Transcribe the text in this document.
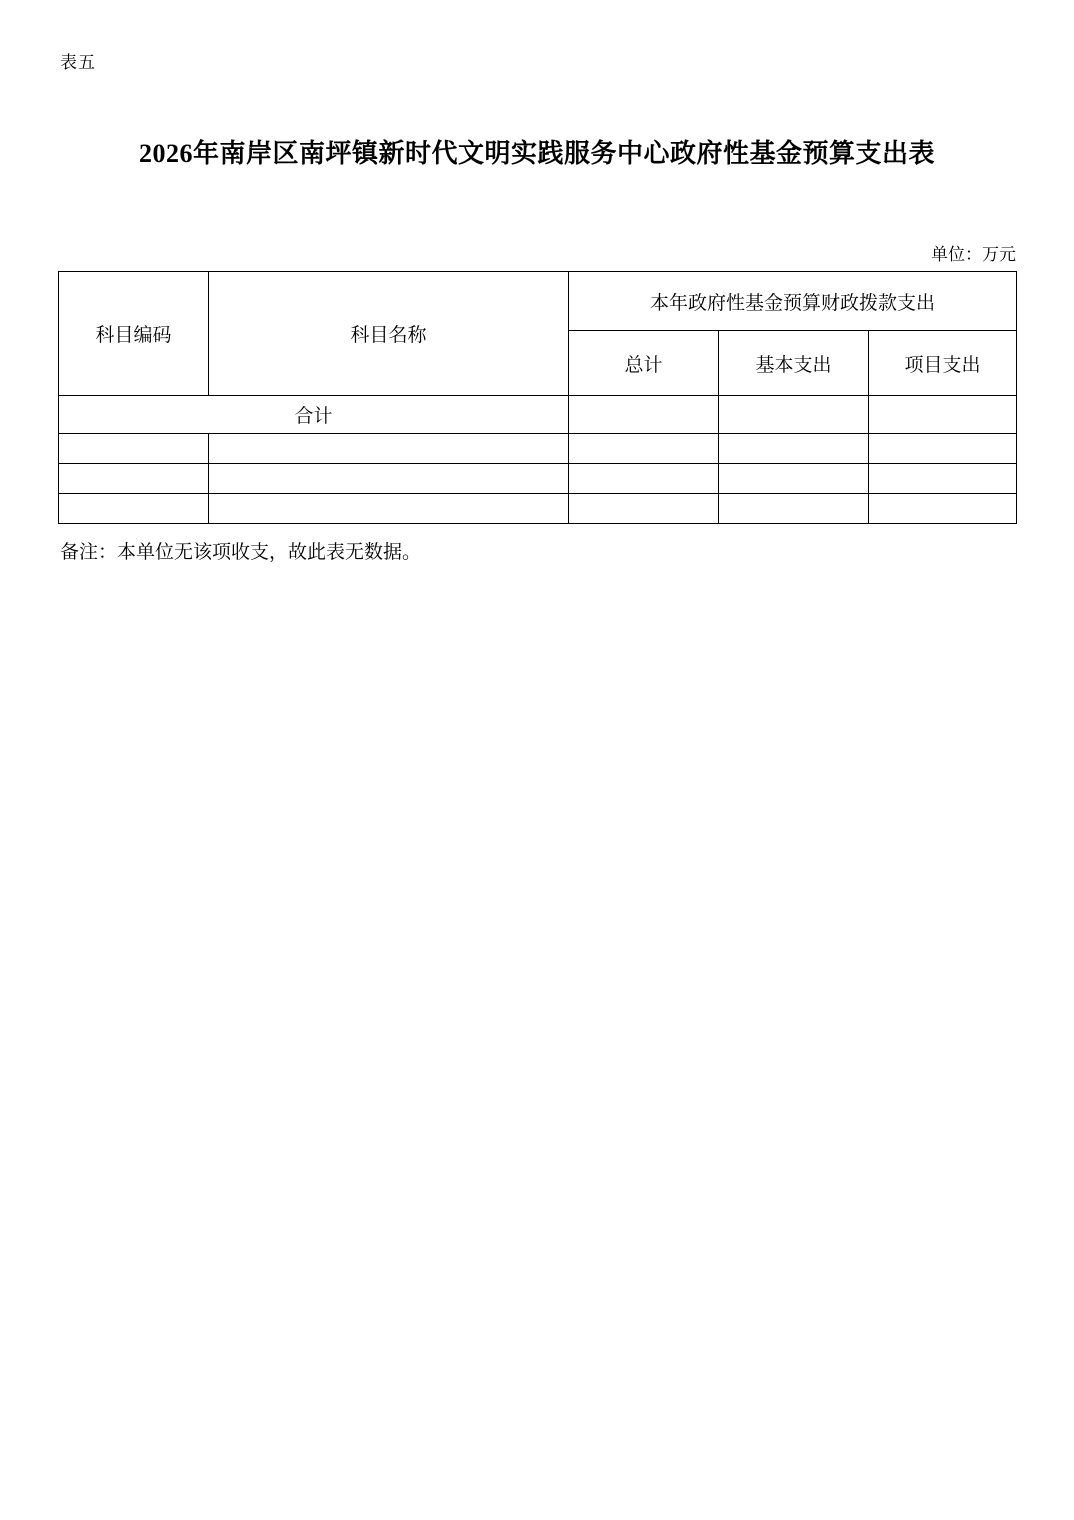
表五
2026年南岸区南坪镇新时代文明实践服务中心政府性基金预算支出表
单位：万元
科目编码	科目名称	本年政府性基金预算财政拨款支出		
		总计	基本支出	项目支出
合计				

备注：本单位无该项收支，故此表无数据。
